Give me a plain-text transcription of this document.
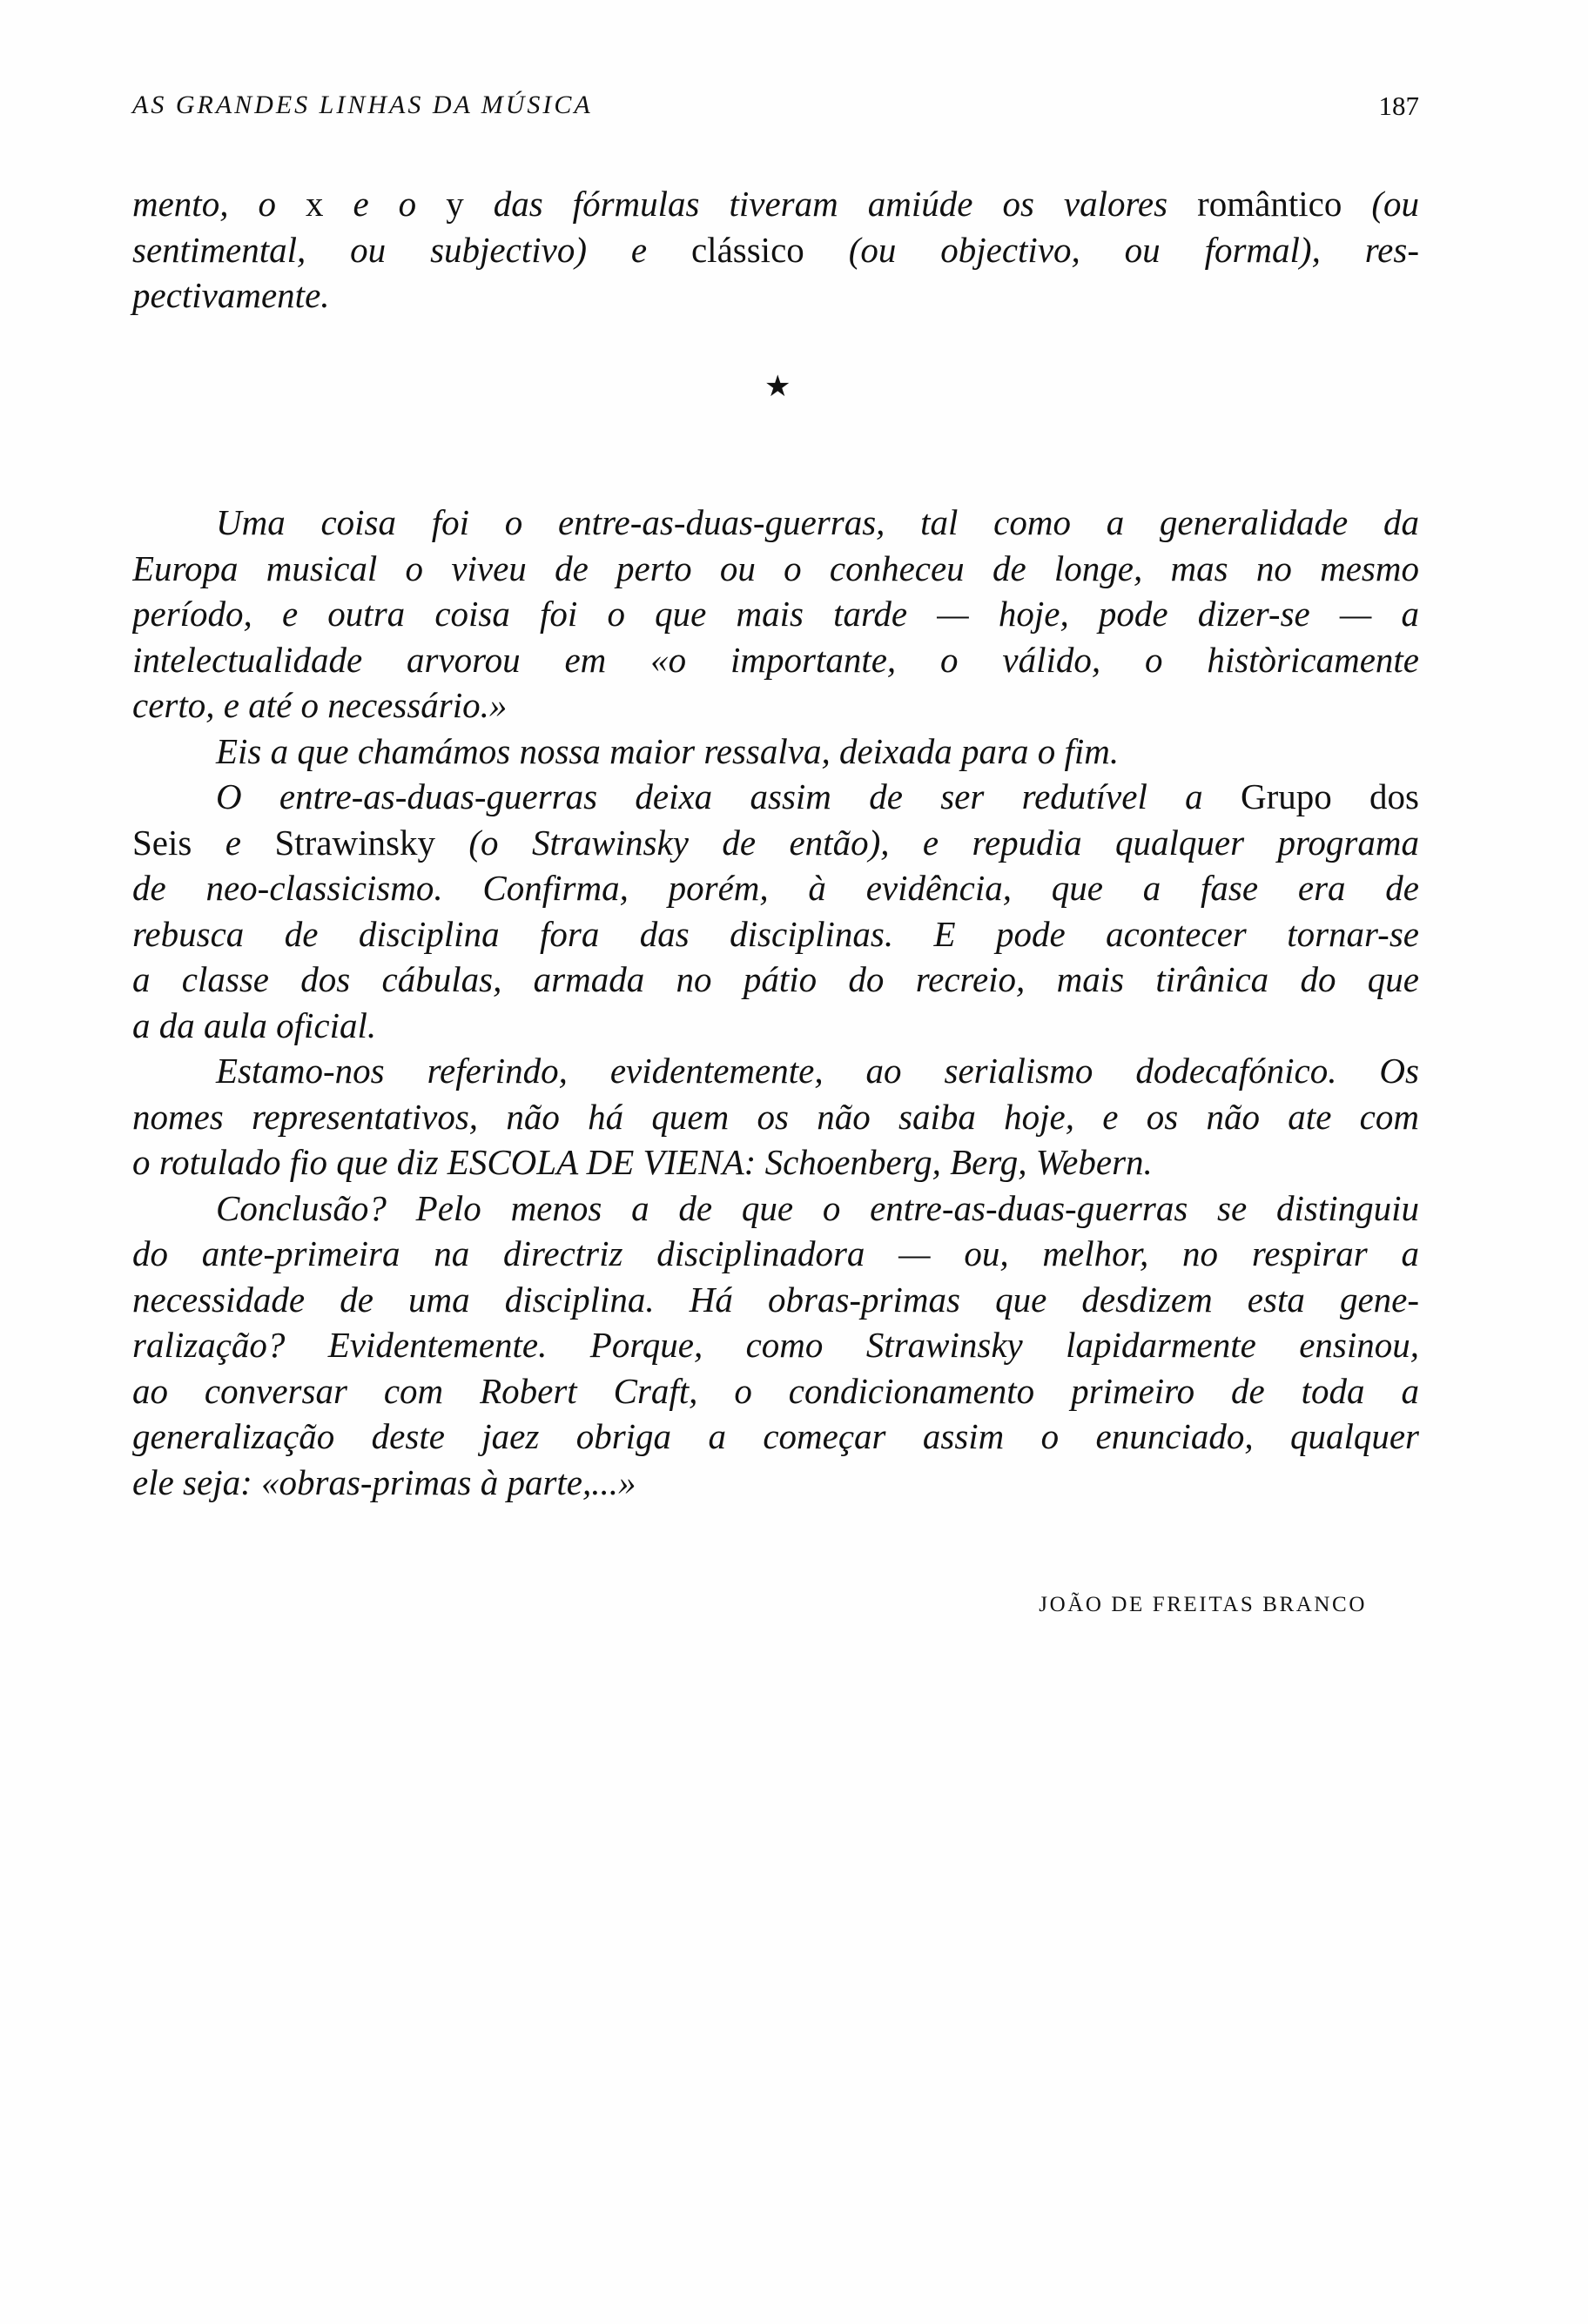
AS GRANDES LINHAS DA MÚSICA	187
mento, o x e o y das fórmulas tiveram amiúde os valores romântico (ou
sentimental, ou subjectivo) e clássico (ou objectivo, ou formal), res-
pectivamente.
★
Uma coisa foi o entre-as-duas-guerras, tal como a generalidade da
Europa musical o viveu de perto ou o conheceu de longe, mas no mesmo
período, e outra coisa foi o que mais tarde — hoje, pode dizer-se — a
intelectualidade arvorou em «o importante, o válido, o històricamente
certo, e até o necessário.»
Eis a que chamámos nossa maior ressalva, deixada para o fim.
O entre-as-duas-guerras deixa assim de ser redutível a Grupo dos
Seis e Strawinsky (o Strawinsky de então), e repudia qualquer programa
de neo-classicismo. Confirma, porém, à evidência, que a fase era de
rebusca de disciplina fora das disciplinas. E pode acontecer tornar-se
a classe dos cábulas, armada no pátio do recreio, mais tirânica do que
a da aula oficial.
Estamo-nos referindo, evidentemente, ao serialismo dodecafónico. Os
nomes representativos, não há quem os não saiba hoje, e os não ate com
o rotulado fio que diz ESCOLA DE VIENA: Schoenberg, Berg, Webern.
Conclusão? Pelo menos a de que o entre-as-duas-guerras se distinguiu
do ante-primeira na directriz disciplinadora — ou, melhor, no respirar a
necessidade de uma disciplina. Há obras-primas que desdizem esta gene-
ralização? Evidentemente. Porque, como Strawinsky lapidarmente ensinou,
ao conversar com Robert Craft, o condicionamento primeiro de toda a
generalização deste jaez obriga a começar assim o enunciado, qualquer
ele seja: «obras-primas à parte,...»
JOÃO DE FREITAS BRANCO
